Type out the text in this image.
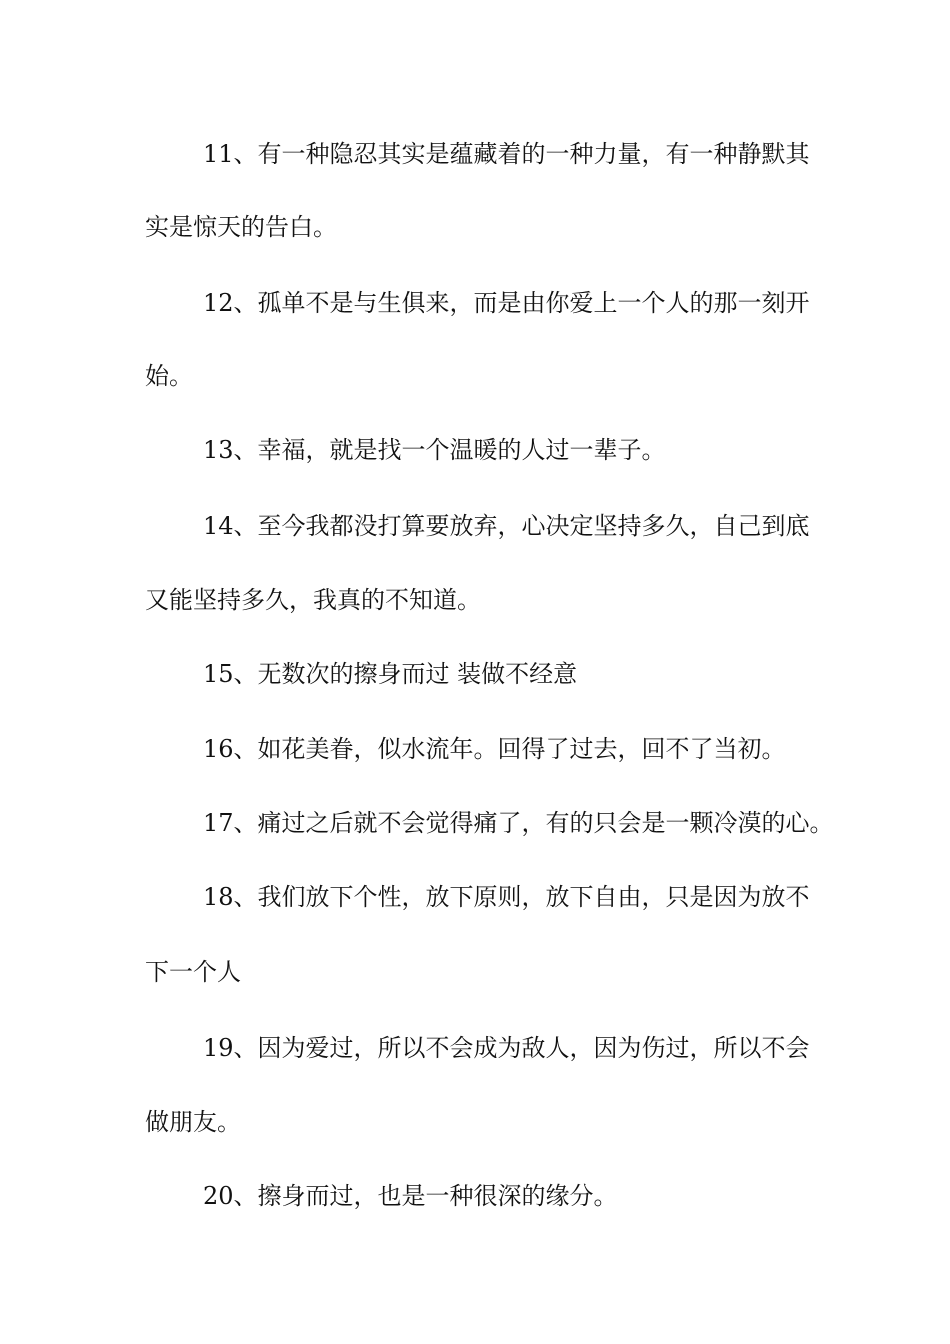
11、有一种隐忍其实是蕴藏着的一种力量，有一种静默其

实是惊天的告白。

12、孤单不是与生俱来，而是由你爱上一个人的那一刻开

始。

13、幸福，就是找一个温暖的人过一辈子。

14、至今我都没打算要放弃，心决定坚持多久，自己到底

又能坚持多久，我真的不知道。

15、无数次的擦身而过 装做不经意

16、如花美眷，似水流年。回得了过去，回不了当初。

17、痛过之后就不会觉得痛了，有的只会是一颗冷漠的心。

18、我们放下个性，放下原则，放下自由，只是因为放不

下一个人

19、因为爱过，所以不会成为敌人，因为伤过，所以不会

做朋友。

20、擦身而过，也是一种很深的缘分。
